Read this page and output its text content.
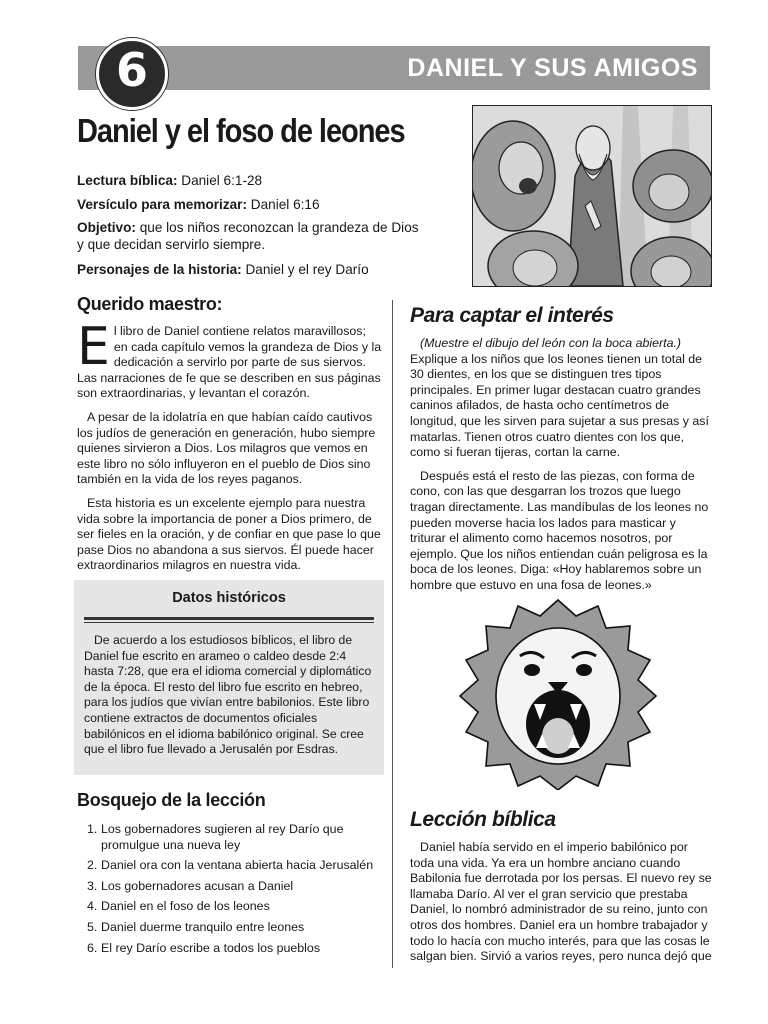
DANIEL Y SUS AMIGOS
6
Daniel y el foso de leones
Lectura bíblica: Daniel 6:1-28
Versículo para memorizar: Daniel 6:16
Objetivo: que los niños reconozcan la grandeza de Dios y que decidan servirlo siempre.
Personajes de la historia: Daniel y el rey Darío
Querido maestro:

El libro de Daniel contiene relatos maravillosos; en cada capítulo vemos la grandeza de Dios y la dedicación a servirlo por parte de sus siervos. Las narraciones de fe que se describen en sus páginas son extraordinarias, y levantan el corazón.

A pesar de la idolatría en que habían caído cautivos los judíos de generación en generación, hubo siempre quienes sirvieron a Dios. Los milagros que vemos en este libro no sólo influyeron en el pueblo de Dios sino también en la vida de los reyes paganos.

Esta historia es un excelente ejemplo para nuestra vida sobre la importancia de poner a Dios primero, de ser fieles en la oración, y de confiar en que pase lo que pase Dios no abandona a sus siervos. Él puede hacer extraordinarios milagros en nuestra vida.

Datos históricos
De acuerdo a los estudiosos bíblicos, el libro de Daniel fue escrito en arameo o caldeo desde 2:4 hasta 7:28, que era el idioma comercial y diplomático de la época. El resto del libro fue escrito en hebreo, para los judíos que vivían entre babilonios. Este libro contiene extractos de documentos oficiales babilónicos en el idioma babilónico original. Se cree que el libro fue llevado a Jerusalén por Esdras.
Bosquejo de la lección
1. Los gobernadores sugieren al rey Darío que promulgue una nueva ley
2. Daniel ora con la ventana abierta hacia Jerusalén
3. Los gobernadores acusan a Daniel
4. Daniel en el foso de los leones
5. Daniel duerme tranquilo entre leones
6. El rey Darío escribe a todos los pueblos
Para captar el interés

(Muestre el dibujo del león con la boca abierta.) Explique a los niños que los leones tienen un total de 30 dientes, en los que se distinguen tres tipos principales. En primer lugar destacan cuatro grandes caninos afilados, de hasta ocho centímetros de longitud, que les sirven para sujetar a sus presas y así matarlas. Tienen otros cuatro dientes con los que, como si fueran tijeras, cortan la carne.

Después está el resto de las piezas, con forma de cono, con las que desgarran los trozos que luego tragan directamente. Las mandíbulas de los leones no pueden moverse hacia los lados para masticar y triturar el alimento como hacemos nosotros, por ejemplo. Que los niños entiendan cuán peligrosa es la boca de los leones. Diga: «Hoy hablaremos sobre un hombre que estuvo en una fosa de leones.»

Lección bíblica

Daniel había servido en el imperio babilónico por toda una vida. Ya era un hombre anciano cuando Babilonia fue derrotada por los persas. El nuevo rey se llamaba Darío. Al ver el gran servicio que prestaba Daniel, lo nombró administrador de su reino, junto con otros dos hombres. Daniel era un hombre trabajador y todo lo hacía con mucho interés, para que las cosas le salgan bien. Sirvió a varios reyes, pero nunca dejó que
